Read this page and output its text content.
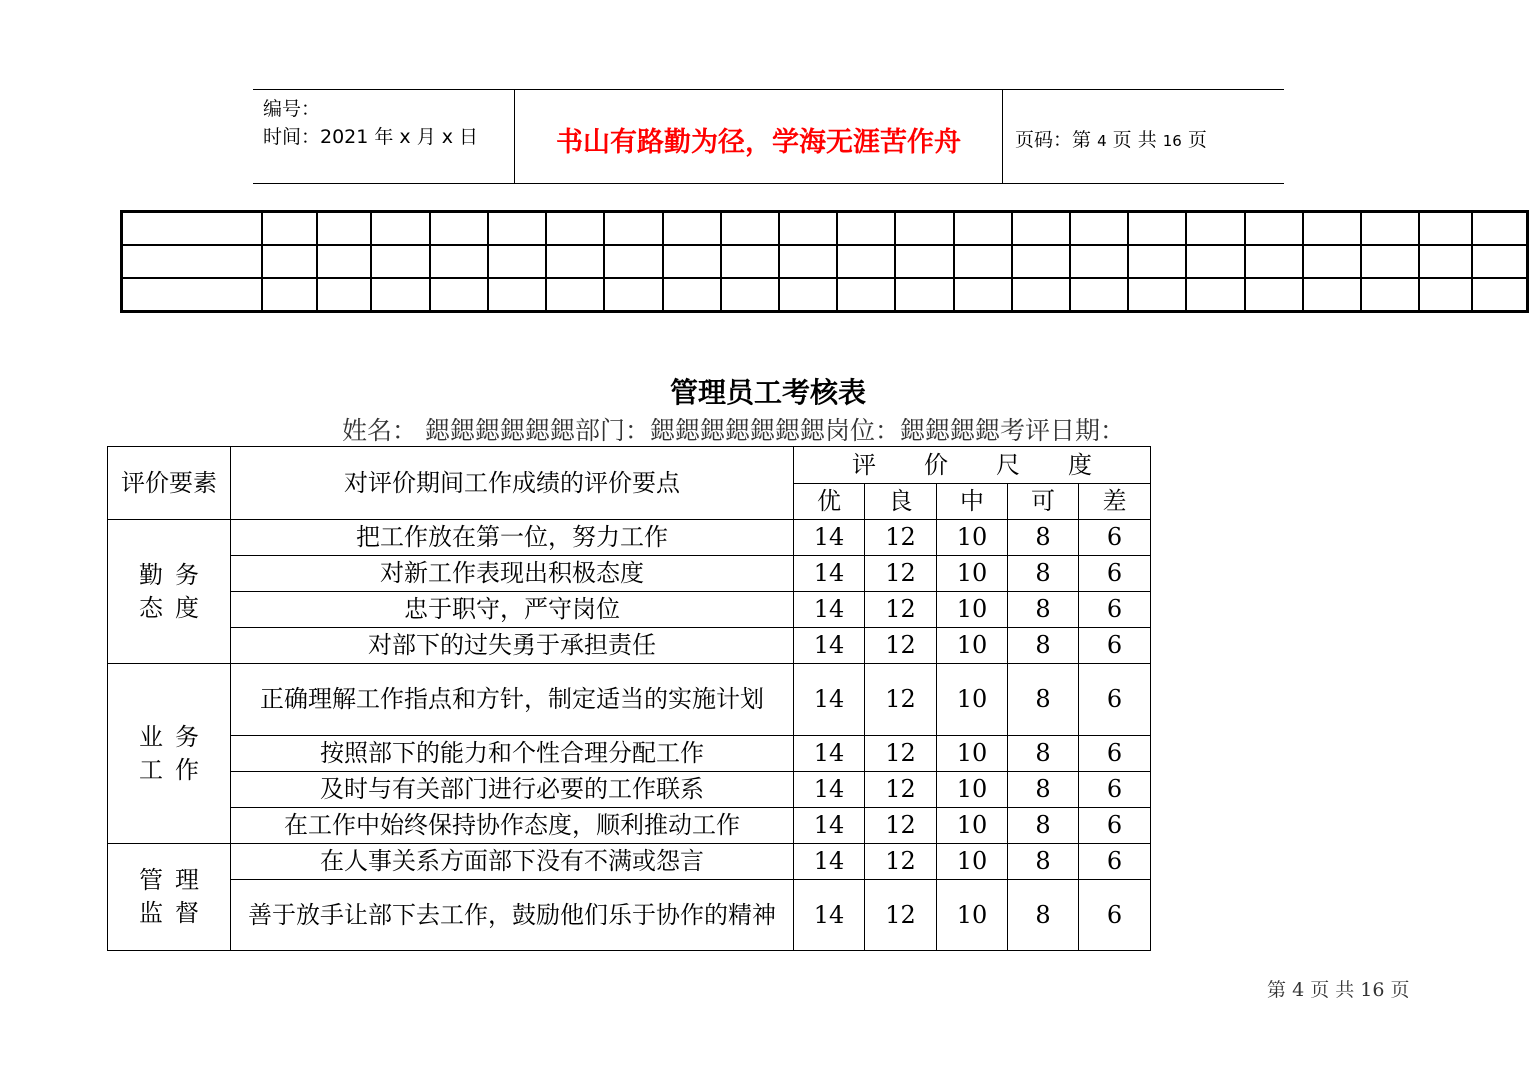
编号：
时间：2021 年 x 月 x 日	书山有路勤为径，学海无涯苦作舟	页码：第 4 页 共 16 页

管理员工考核表
姓名： 鍶鍶鍶鍶鍶鍶部门：鍶鍶鍶鍶鍶鍶鍶岗位：鍶鍶鍶鍶考评日期：
评价要素	对评价期间工作成绩的评价要点	评　　价　　尺　　度				
		优	良	中	可	差

勤 务
态 度	把工作放在第一位，努力工作	14	12	10	8	6
	对新工作表现出积极态度	14	12	10	8	6
	忠于职守，严守岗位	14	12	10	8	6
	对部下的过失勇于承担责任	14	12	10	8	6

业 务
工 作	正确理解工作指点和方针，制定适当的实施计划	14	12	10	8	6
	按照部下的能力和个性合理分配工作	14	12	10	8	6
	及时与有关部门进行必要的工作联系	14	12	10	8	6
	在工作中始终保持协作态度，顺利推动工作	14	12	10	8	6

管 理
监 督	在人事关系方面部下没有不满或怨言	14	12	10	8	6
	善于放手让部下去工作，鼓励他们乐于协作的精神	14	12	10	8	6
第 4 页 共 16 页
